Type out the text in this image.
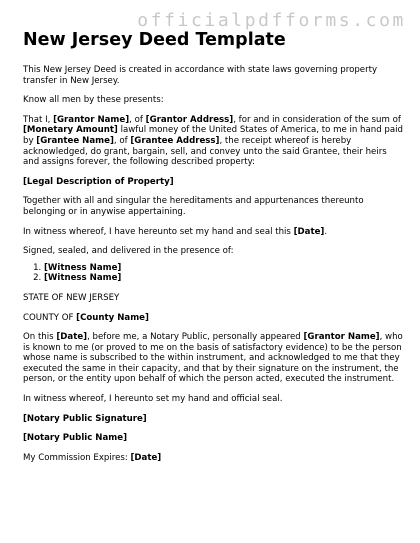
officialpdfforms.com
New Jersey Deed Template

This New Jersey Deed is created in accordance with state laws governing property transfer in New Jersey.

Know all men by these presents:

That I, [Grantor Name], of [Grantor Address], for and in consideration of the sum of [Monetary Amount] lawful money of the United States of America, to me in hand paid by [Grantee Name], of [Grantee Address], the receipt whereof is hereby acknowledged, do grant, bargain, sell, and convey unto the said Grantee, their heirs and assigns forever, the following described property:

[Legal Description of Property]

Together with all and singular the hereditaments and appurtenances thereunto belonging or in anywise appertaining.

In witness whereof, I have hereunto set my hand and seal this [Date].

Signed, sealed, and delivered in the presence of:

1. [Witness Name]
2. [Witness Name]

STATE OF NEW JERSEY

COUNTY OF [County Name]

On this [Date], before me, a Notary Public, personally appeared [Grantor Name], who is known to me (or proved to me on the basis of satisfactory evidence) to be the person whose name is subscribed to the within instrument, and acknowledged to me that they executed the same in their capacity, and that by their signature on the instrument, the person, or the entity upon behalf of which the person acted, executed the instrument.

In witness whereof, I hereunto set my hand and official seal.

[Notary Public Signature]

[Notary Public Name]

My Commission Expires: [Date]
